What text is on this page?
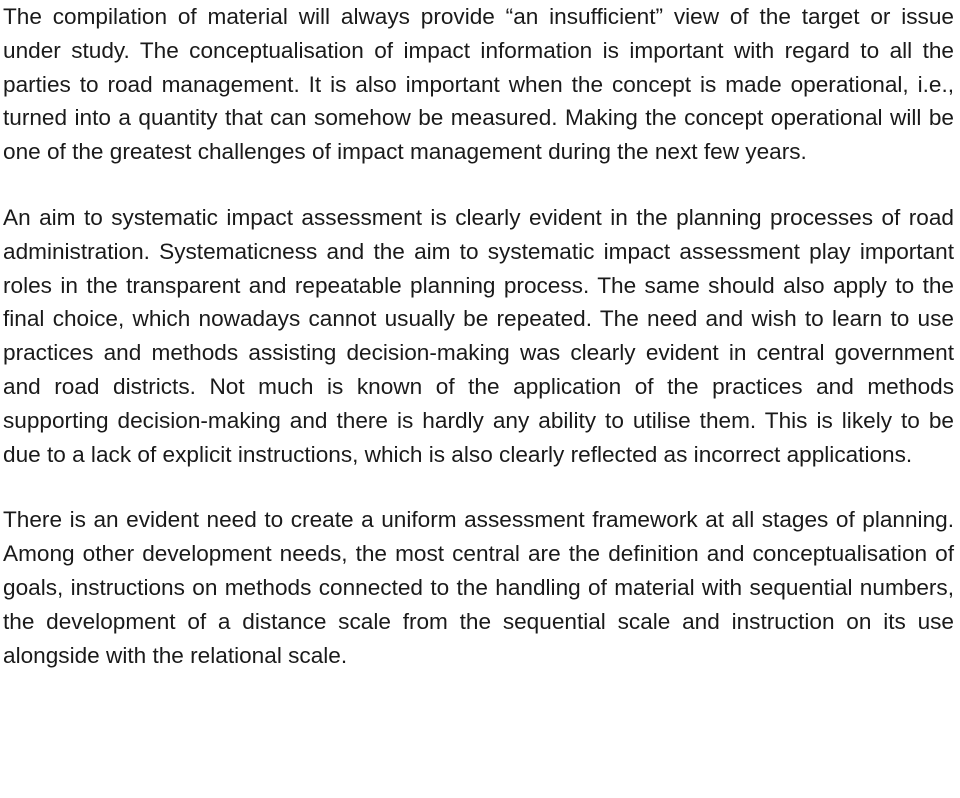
The compilation of material will always provide “an insufficient” view of the target or issue under study. The conceptualisation of impact information is important with regard to all the parties to road management. It is also important when the concept is made operational, i.e., turned into a quantity that can somehow be measured. Making the concept operational will be one of the greatest challenges of impact management during the next few years.

An aim to systematic impact assessment is clearly evident in the planning processes of road administration. Systematicness and the aim to systematic impact assessment play important roles in the transparent and repeatable planning process. The same should also apply to the final choice, which nowadays cannot usually be repeated. The need and wish to learn to use practices and methods assisting decision-making was clearly evident in central government and road districts. Not much is known of the application of the practices and methods supporting decision-making and there is hardly any ability to utilise them. This is likely to be due to a lack of explicit instructions, which is also clearly reflected as incorrect applications.

There is an evident need to create a uniform assessment framework at all stages of planning. Among other development needs, the most central are the definition and conceptualisation of goals, instructions on methods connected to the handling of material with sequential numbers, the development of a distance scale from the sequential scale and instruction on its use alongside with the relational scale.
